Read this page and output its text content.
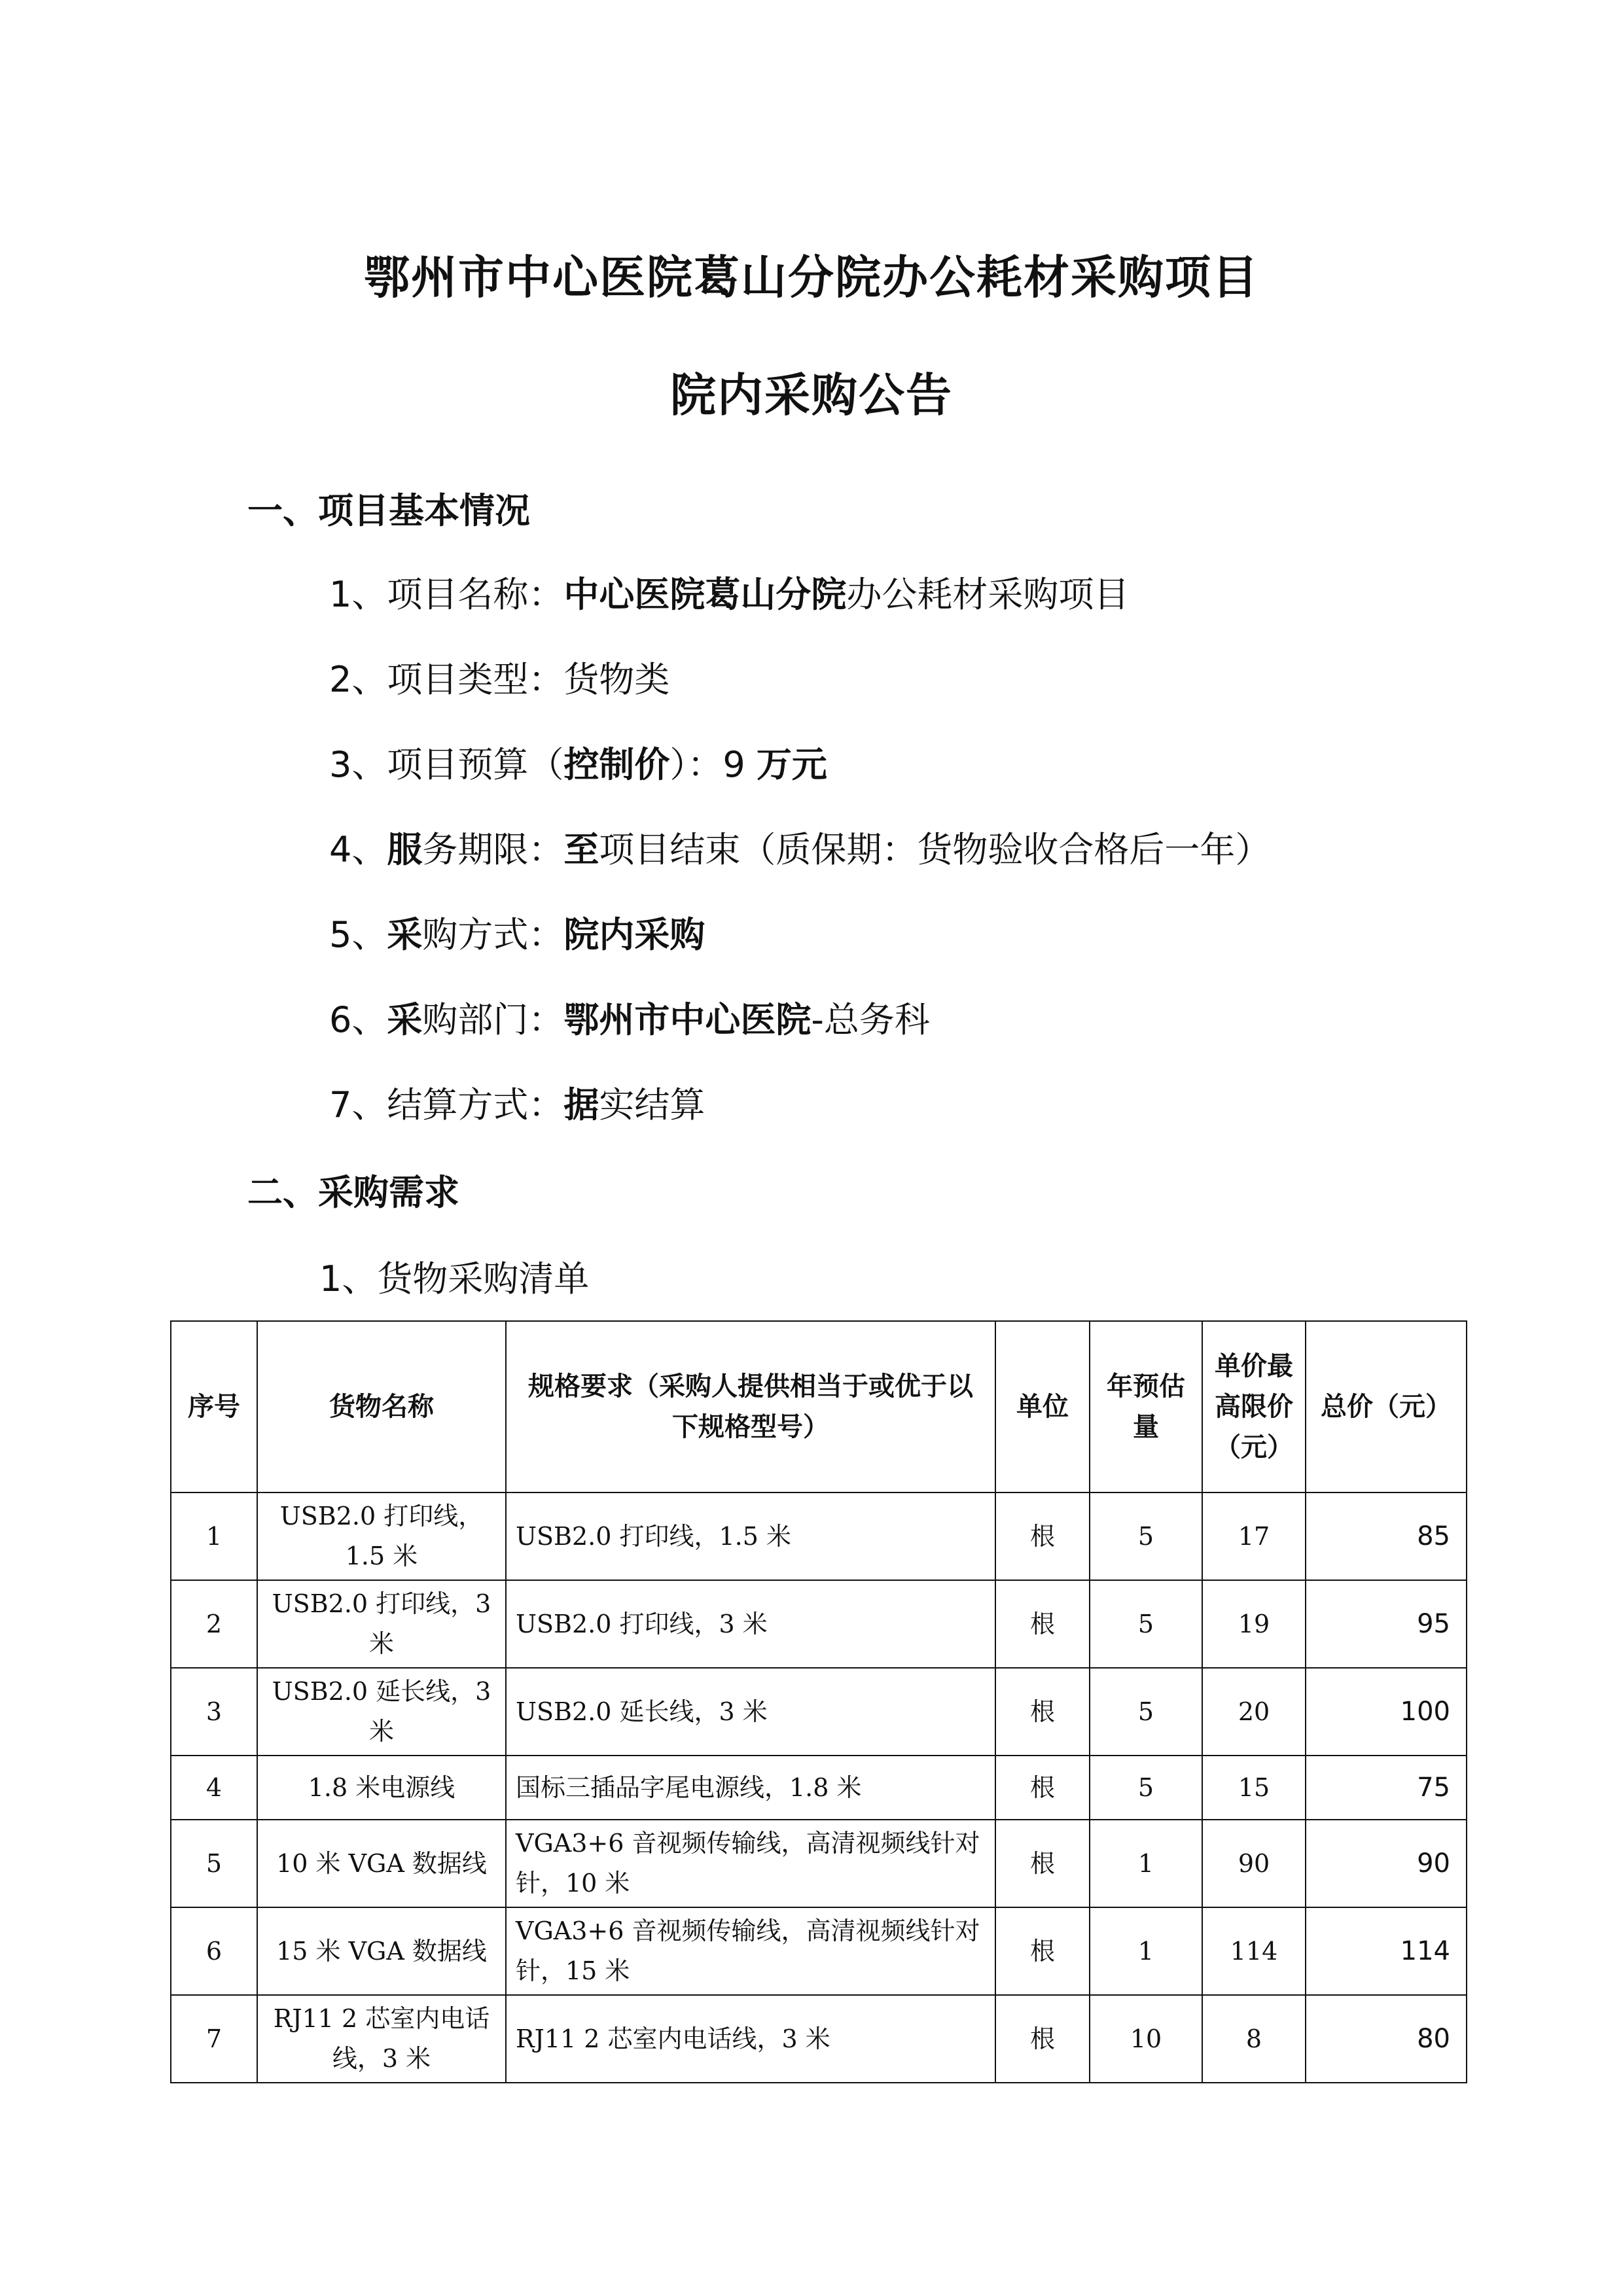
鄂州市中心医院葛山分院办公耗材采购项目
院内采购公告
一、项目基本情况
1、项目名称：中心医院葛山分院办公耗材采购项目
2、项目类型：货物类
3、项目预算（控制价）：9 万元
4、服务期限：至项目结束（质保期：货物验收合格后一年）
5、采购方式：院内采购
6、采购部门：鄂州市中心医院-总务科
7、结算方式：据实结算
二、采购需求
1、货物采购清单
序号	货物名称	规格要求（采购人提供相当于或优于以下规格型号）	单位	年预估量	单价最高限价（元）	总价（元）
1	USB2.0 打印线，1.5 米	USB2.0 打印线，1.5 米	根	5	17	85
2	USB2.0 打印线，3 米	USB2.0 打印线，3 米	根	5	19	95
3	USB2.0 延长线，3 米	USB2.0 延长线，3 米	根	5	20	100
4	1.8 米电源线	国标三插品字尾电源线，1.8 米	根	5	15	75
5	10 米 VGA 数据线	VGA3+6 音视频传输线，高清视频线针对针，10 米	根	1	90	90
6	15 米 VGA 数据线	VGA3+6 音视频传输线，高清视频线针对针，15 米	根	1	114	114
7	RJ11 2 芯室内电话线，3 米	RJ11 2 芯室内电话线，3 米	根	10	8	80
